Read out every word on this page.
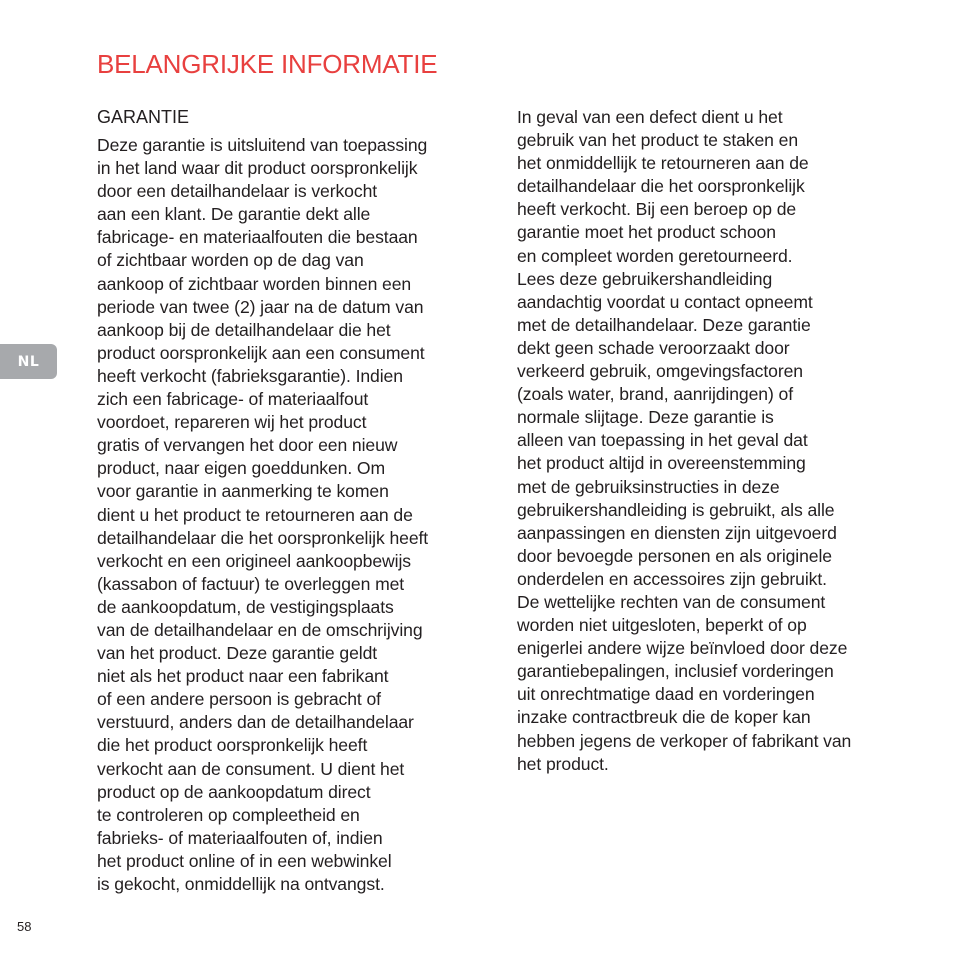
BELANGRIJKE INFORMATIE
NL
GARANTIE
Deze garantie is uitsluitend van toepassing
in het land waar dit product oorspronkelijk
door een detailhandelaar is verkocht
aan een klant. De garantie dekt alle
fabricage- en materiaalfouten die bestaan
of zichtbaar worden op de dag van
aankoop of zichtbaar worden binnen een
periode van twee (2) jaar na de datum van
aankoop bij de detailhandelaar die het
product oorspronkelijk aan een consument
heeft verkocht (fabrieksgarantie). Indien
zich een fabricage- of materiaalfout
voordoet, repareren wij het product
gratis of vervangen het door een nieuw
product, naar eigen goeddunken. Om
voor garantie in aanmerking te komen
dient u het product te retourneren aan de
detailhandelaar die het oorspronkelijk heeft
verkocht en een origineel aankoopbewijs
(kassabon of factuur) te overleggen met
de aankoopdatum, de vestigingsplaats
van de detailhandelaar en de omschrijving
van het product. Deze garantie geldt
niet als het product naar een fabrikant
of een andere persoon is gebracht of
verstuurd, anders dan de detailhandelaar
die het product oorspronkelijk heeft
verkocht aan de consument. U dient het
product op de aankoopdatum direct
te controleren op compleetheid en
fabrieks- of materiaalfouten of, indien
het product online of in een webwinkel
is gekocht, onmiddellijk na ontvangst.
In geval van een defect dient u het
gebruik van het product te staken en
het onmiddellijk te retourneren aan de
detailhandelaar die het oorspronkelijk
heeft verkocht. Bij een beroep op de
garantie moet het product schoon
en compleet worden geretourneerd.
Lees deze gebruikershandleiding
aandachtig voordat u contact opneemt
met de detailhandelaar. Deze garantie
dekt geen schade veroorzaakt door
verkeerd gebruik, omgevingsfactoren
(zoals water, brand, aanrijdingen) of
normale slijtage. Deze garantie is
alleen van toepassing in het geval dat
het product altijd in overeenstemming
met de gebruiksinstructies in deze
gebruikershandleiding is gebruikt, als alle
aanpassingen en diensten zijn uitgevoerd
door bevoegde personen en als originele
onderdelen en accessoires zijn gebruikt.
De wettelijke rechten van de consument
worden niet uitgesloten, beperkt of op
enigerlei andere wijze beïnvloed door deze
garantiebepalingen, inclusief vorderingen
uit onrechtmatige daad en vorderingen
inzake contractbreuk die de koper kan
hebben jegens de verkoper of fabrikant van
het product.
58
